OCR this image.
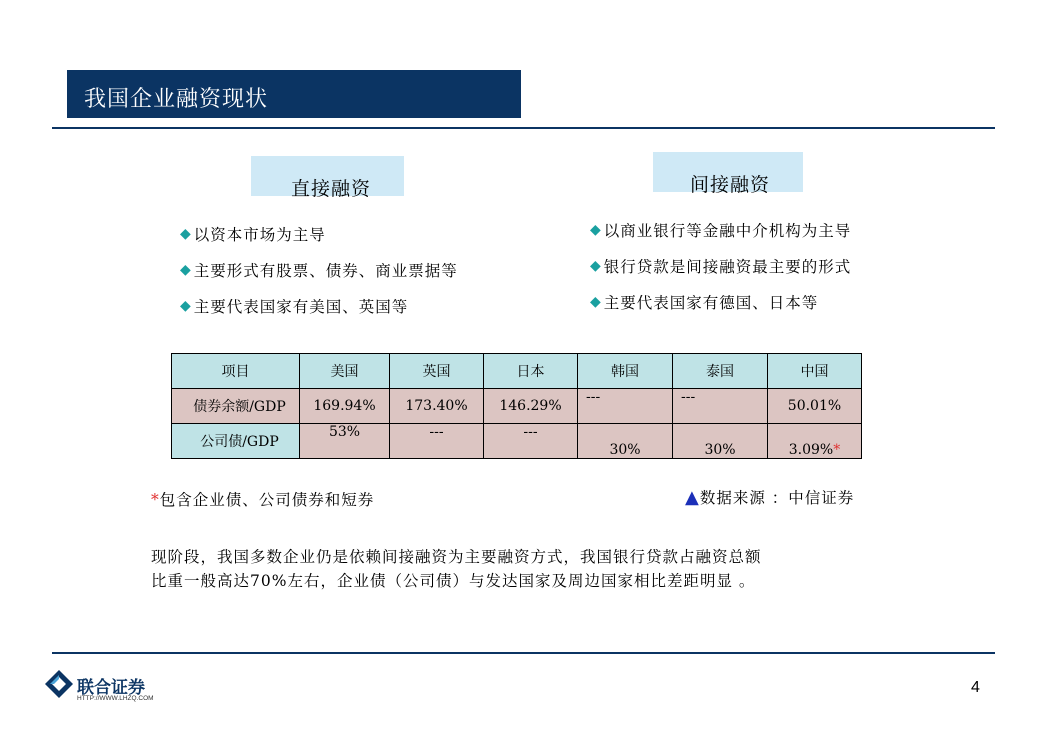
我国企业融资现状
直接融资
◆ 以资本市场为主导
◆ 主要形式有股票、债券、商业票据等
◆ 主要代表国家有美国、英国等
间接融资
◆ 以商业银行等金融中介机构为主导
◆ 银行贷款是间接融资最主要的形式
◆ 主要代表国家有德国、日本等
项目	美国	英国	日本	韩国	泰国	中国
债券余额/GDP	169.94%	173.40%	146.29%	---	---	50.01%
公司债/GDP	53%	---	---	30%	30%	3.09%*
*包含企业债、公司债券和短券	▲ 数据来源 ：中信证券
现阶段，我国多数企业仍是依赖间接融资为主要融资方式，我国银行贷款占融资总额
比重一般高达70%左右，企业债（公司债）与发达国家及周边国家相比差距明显 。
联合证券
HTTP://WWW.LHZQ.COM
4
